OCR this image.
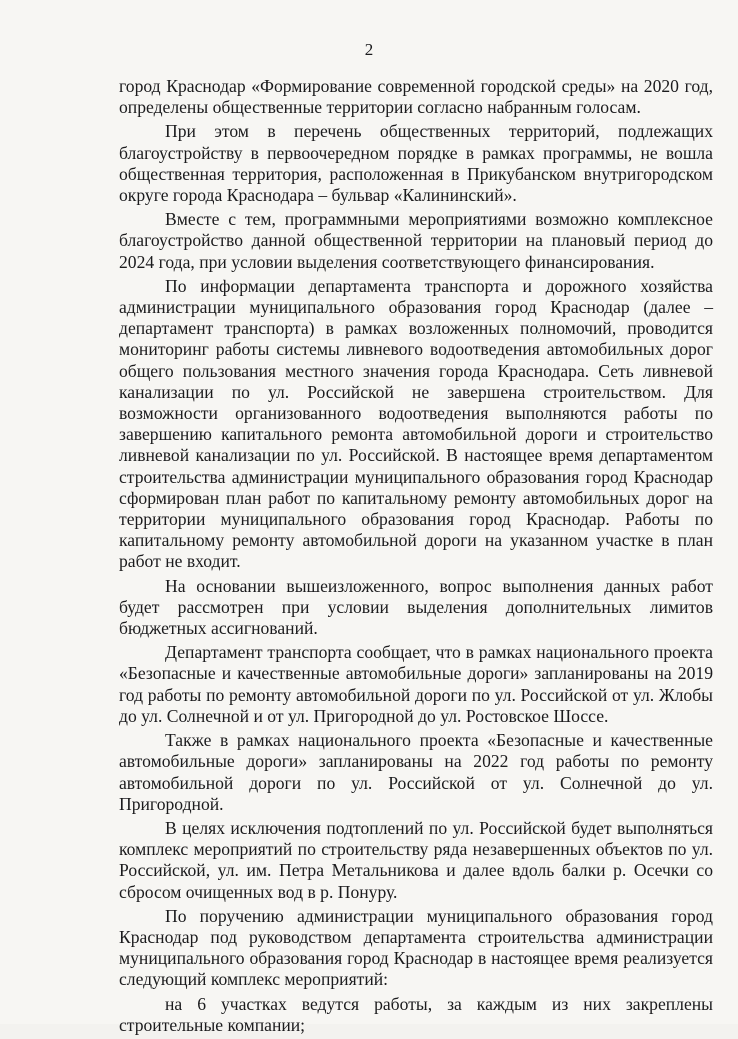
2

город Краснодар «Формирование современной городской среды» на 2020 год, определены общественные территории согласно набранным голосам.

При этом в перечень общественных территорий, подлежащих благоустройству в первоочередном порядке в рамках программы, не вошла общественная территория, расположенная в Прикубанском внутригородском округе города Краснодара – бульвар «Калининский».

Вместе с тем, программными мероприятиями возможно комплексное благоустройство данной общественной территории на плановый период до 2024 года, при условии выделения соответствующего финансирования.

По информации департамента транспорта и дорожного хозяйства администрации муниципального образования город Краснодар (далее – департамент транспорта) в рамках возложенных полномочий, проводится мониторинг работы системы ливневого водоотведения автомобильных дорог общего пользования местного значения города Краснодара. Сеть ливневой канализации по ул. Российской не завершена строительством. Для возможности организованного водоотведения выполняются работы по завершению капитального ремонта автомобильной дороги и строительство ливневой канализации по ул. Российской. В настоящее время департаментом строительства администрации муниципального образования город Краснодар сформирован план работ по капитальному ремонту автомобильных дорог на территории муниципального образования город Краснодар. Работы по капитальному ремонту автомобильной дороги на указанном участке в план работ не входит.

На основании вышеизложенного, вопрос выполнения данных работ будет рассмотрен при условии выделения дополнительных лимитов бюджетных ассигнований.

Департамент транспорта сообщает, что в рамках национального проекта «Безопасные и качественные автомобильные дороги» запланированы на 2019 год работы по ремонту автомобильной дороги по ул. Российской от ул. Жлобы до ул. Солнечной и от ул. Пригородной до ул. Ростовское Шоссе.

Также в рамках национального проекта «Безопасные и качественные автомобильные дороги» запланированы на 2022 год работы по ремонту автомобильной дороги по ул. Российской от ул. Солнечной до ул. Пригородной.

В целях исключения подтоплений по ул. Российской будет выполняться комплекс мероприятий по строительству ряда незавершенных объектов по ул. Российской, ул. им. Петра Метальникова и далее вдоль балки р. Осечки со сбросом очищенных вод в р. Понуру.

По поручению администрации муниципального образования город Краснодар под руководством департамента строительства администрации муниципального образования город Краснодар в настоящее время реализуется следующий комплекс мероприятий:

на 6 участках ведутся работы, за каждым из них закреплены строительные компании;
